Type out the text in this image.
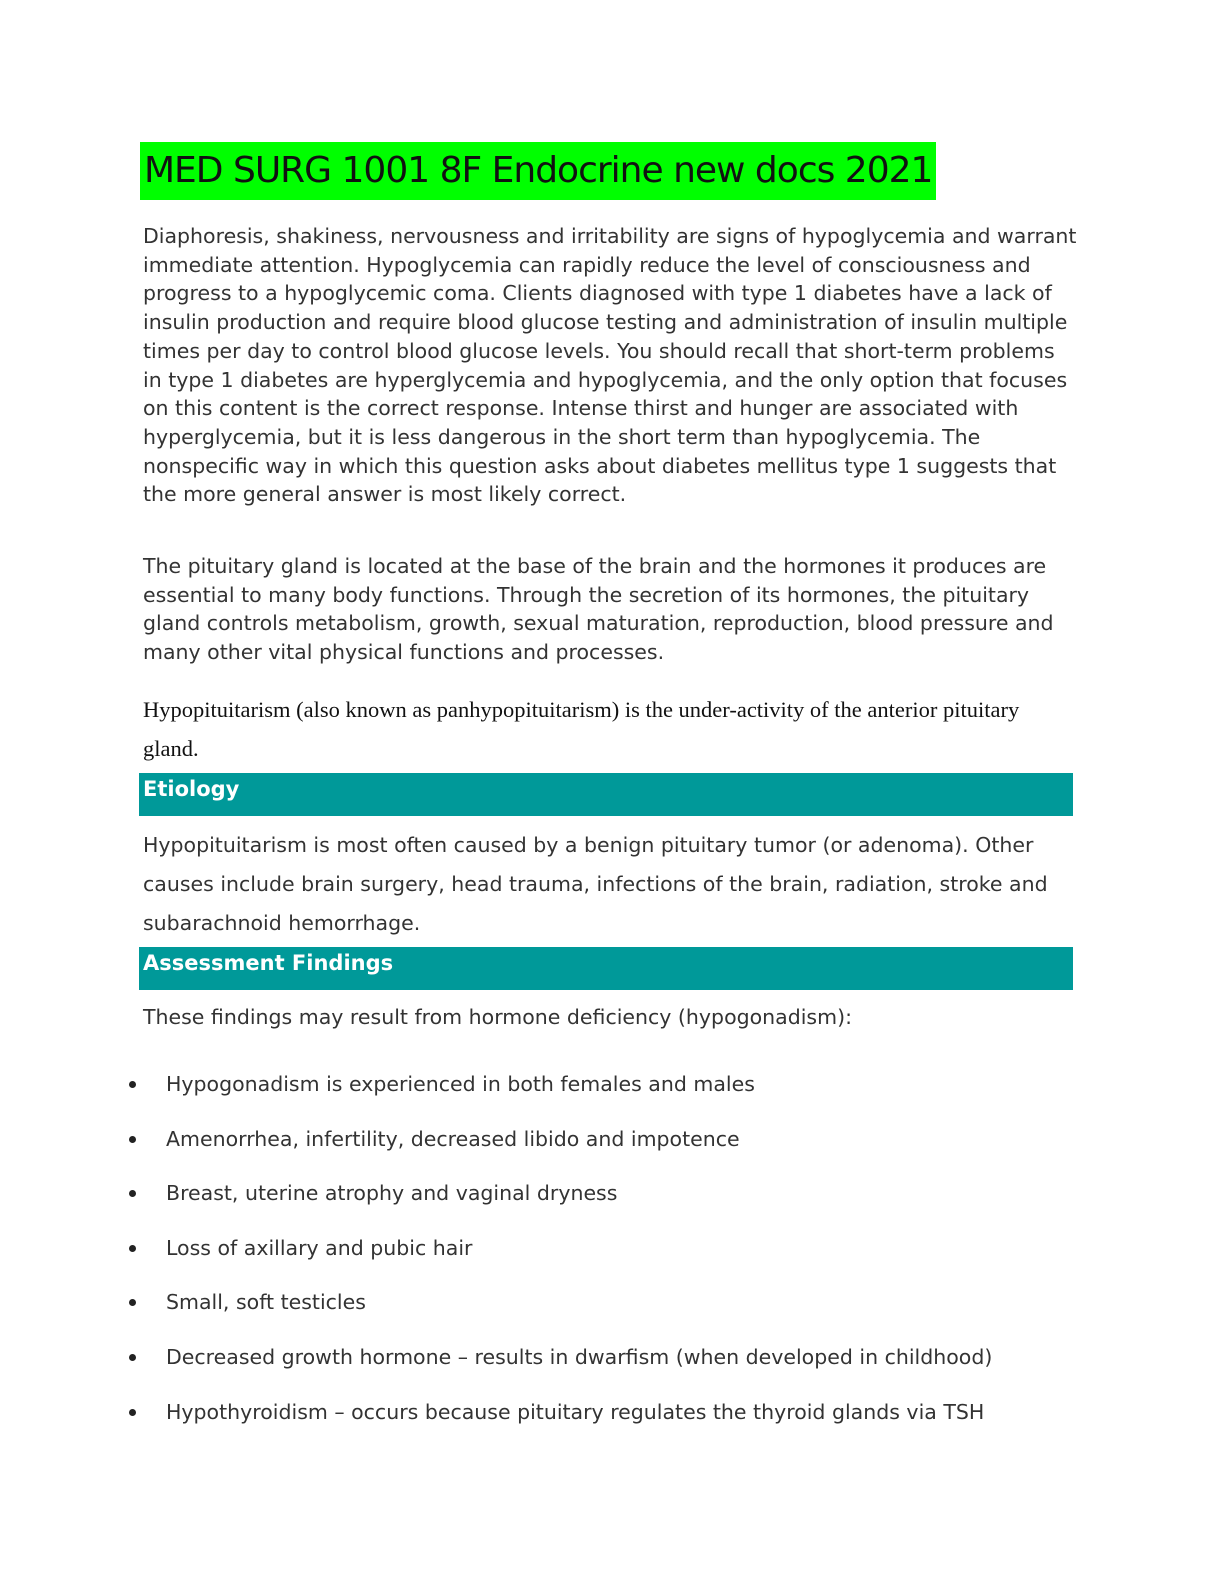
MED SURG 1001 8F Endocrine new docs 2021

Diaphoresis, shakiness, nervousness and irritability are signs of hypoglycemia and warrant immediate attention. Hypoglycemia can rapidly reduce the level of consciousness and progress to a hypoglycemic coma. Clients diagnosed with type 1 diabetes have a lack of insulin production and require blood glucose testing and administration of insulin multiple times per day to control blood glucose levels. You should recall that short-term problems in type 1 diabetes are hyperglycemia and hypoglycemia, and the only option that focuses on this content is the correct response. Intense thirst and hunger are associated with hyperglycemia, but it is less dangerous in the short term than hypoglycemia. The nonspecific way in which this question asks about diabetes mellitus type 1 suggests that the more general answer is most likely correct.

The pituitary gland is located at the base of the brain and the hormones it produces are essential to many body functions. Through the secretion of its hormones, the pituitary gland controls metabolism, growth, sexual maturation, reproduction, blood pressure and many other vital physical functions and processes.

Hypopituitarism (also known as panhypopituitarism) is the under-activity of the anterior pituitary gland.

Etiology

Hypopituitarism is most often caused by a benign pituitary tumor (or adenoma). Other causes include brain surgery, head trauma, infections of the brain, radiation, stroke and subarachnoid hemorrhage.

Assessment Findings

These findings may result from hormone deficiency (hypogonadism):

Hypogonadism is experienced in both females and males
Amenorrhea, infertility, decreased libido and impotence
Breast, uterine atrophy and vaginal dryness
Loss of axillary and pubic hair
Small, soft testicles
Decreased growth hormone – results in dwarfism (when developed in childhood)
Hypothyroidism – occurs because pituitary regulates the thyroid glands via TSH
